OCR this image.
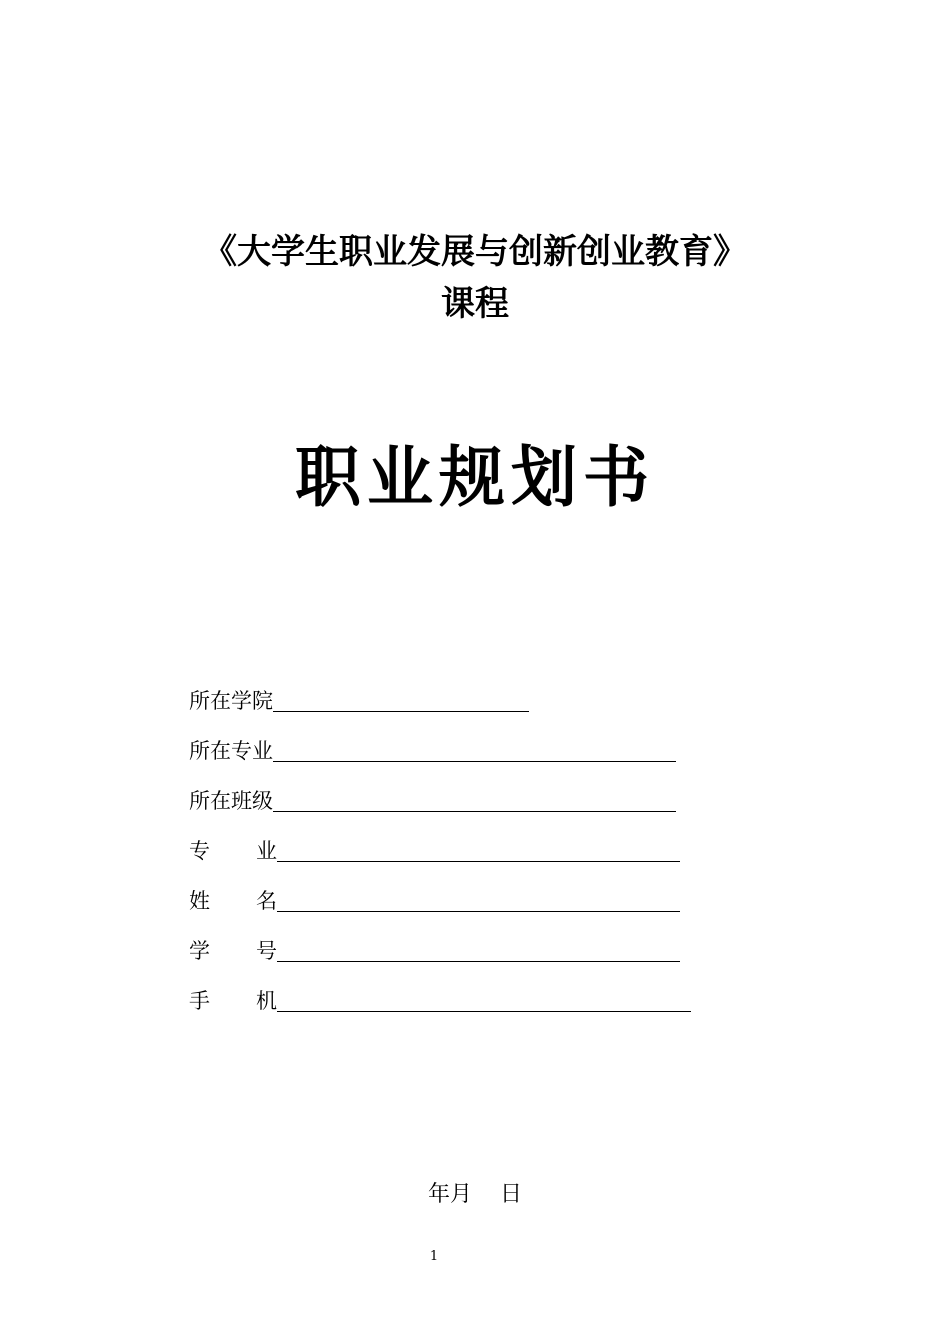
《大学生职业发展与创新创业教育》
课程
职业规划书
所在学院
所在专业
所在班级
专 业
姓 名
学 号
手 机
年月    日
1
